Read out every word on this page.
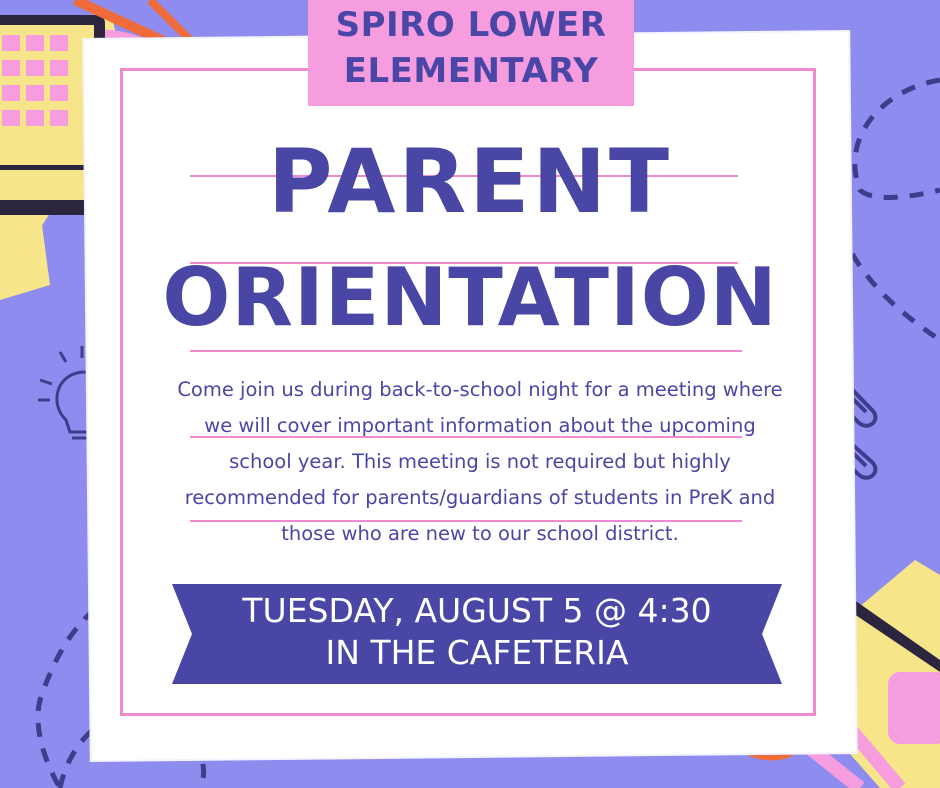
SPIRO LOWER
ELEMENTARY
PARENT
ORIENTATION
Come join us during back-to-school night for a meeting where we will cover important information about the upcoming school year. This meeting is not required but highly recommended for parents/guardians of students in PreK and those who are new to our school district.
TUESDAY, AUGUST 5 @ 4:30
IN THE CAFETERIA
